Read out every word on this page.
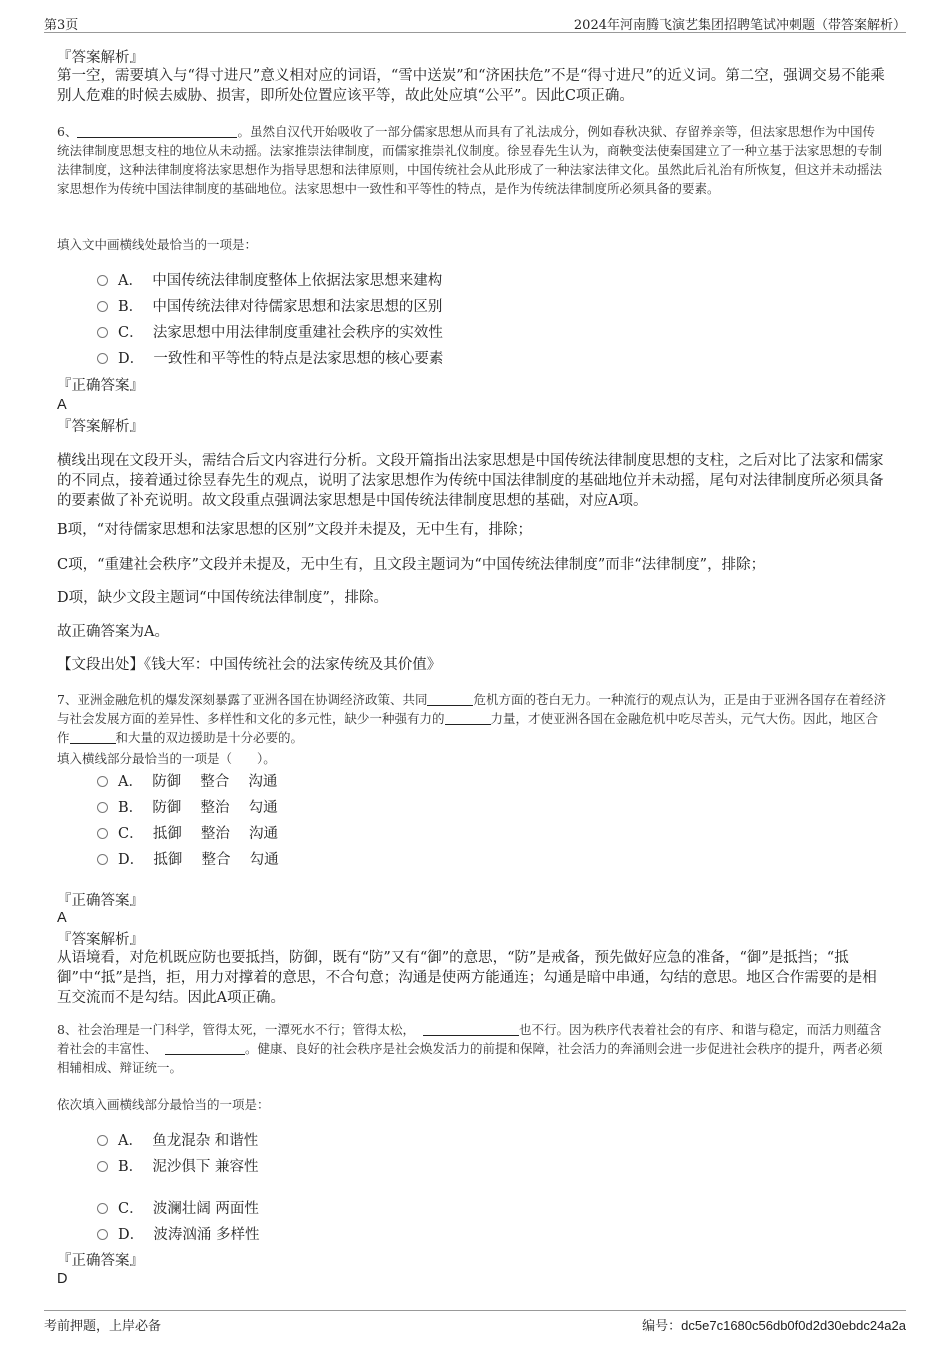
第3页	2024年河南腾飞演艺集团招聘笔试冲刺题（带答案解析）
『答案解析』
第一空，需要填入与“得寸进尺”意义相对应的词语，“雪中送炭”和“济困扶危”不是“得寸进尺”的近义词。第二空，强调交易不能乘别人危难的时候去威胁、损害，即所处位置应该平等，故此处应填“公平”。因此C项正确。
6、	。虽然自汉代开始吸收了一部分儒家思想从而具有了礼法成分，例如春秋决狱、存留养亲等，但法家思想作为中国传统法律制度思想支柱的地位从未动摇。法家推崇法律制度，而儒家推崇礼仪制度。徐昱春先生认为，商鞅变法使秦国建立了一种立基于法家思想的专制法律制度，这种法律制度将法家思想作为指导思想和法律原则，中国传统社会从此形成了一种法家法律文化。虽然此后礼治有所恢复，但这并未动摇法家思想作为传统中国法律制度的基础地位。法家思想中一致性和平等性的特点，是作为传统法律制度所必须具备的要素。
填入文中画横线处最恰当的一项是：
A． 中国传统法律制度整体上依据法家思想来建构
B． 中国传统法律对待儒家思想和法家思想的区别
C． 法家思想中用法律制度重建社会秩序的实效性
D． 一致性和平等性的特点是法家思想的核心要素
『正确答案』
A
『答案解析』
横线出现在文段开头，需结合后文内容进行分析。文段开篇指出法家思想是中国传统法律制度思想的支柱，之后对比了法家和儒家的不同点，接着通过徐昱春先生的观点，说明了法家思想作为传统中国法律制度的基础地位并未动摇，尾句对法律制度所必须具备的要素做了补充说明。故文段重点强调法家思想是中国传统法律制度思想的基础，对应A项。
B项，“对待儒家思想和法家思想的区别”文段并未提及，无中生有，排除；
C项，“重建社会秩序”文段并未提及，无中生有，且文段主题词为“中国传统法律制度”而非“法律制度”，排除；
D项，缺少文段主题词“中国传统法律制度”，排除。
故正确答案为A。
【文段出处】《钱大军：中国传统社会的法家传统及其价值》
7、亚洲金融危机的爆发深刻暴露了亚洲各国在协调经济政策、共同	危机方面的苍白无力。一种流行的观点认为，正是由于亚洲各国存在着经济与社会发展方面的差异性、多样性和文化的多元性，缺少一种强有力的	力量，才使亚洲各国在金融危机中吃尽苦头，元气大伤。因此，地区合作	和大量的双边援助是十分必要的。
填入横线部分最恰当的一项是（　　）。
A． 防御　 整合　 沟通
B． 防御　 整治　 勾通
C． 抵御　 整治　 沟通
D． 抵御　 整合　 勾通
『正确答案』
A
『答案解析』
从语境看，对危机既应防也要抵挡，防御，既有“防”又有“御”的意思，“防”是戒备，预先做好应急的准备，“御”是抵挡；“抵御”中“抵”是挡，拒，用力对撑着的意思，不合句意；沟通是使两方能通连；勾通是暗中串通，勾结的意思。地区合作需要的是相互交流而不是勾结。因此A项正确。
8、社会治理是一门科学，管得太死，一潭死水不行；管得太松，	也不行。因为秩序代表着社会的有序、和谐与稳定，而活力则蕴含着社会的丰富性、	。健康、良好的社会秩序是社会焕发活力的前提和保障，社会活力的奔涌则会进一步促进社会秩序的提升，两者必须相辅相成、辩证统一。
依次填入画横线部分最恰当的一项是：
A． 鱼龙混杂 和谐性
B． 泥沙俱下 兼容性
C． 波澜壮阔 两面性
D． 波涛汹涌 多样性
『正确答案』
D
考前押题，上岸必备	编号：dc5e7c1680c56db0f0d2d30ebdc24a2a
